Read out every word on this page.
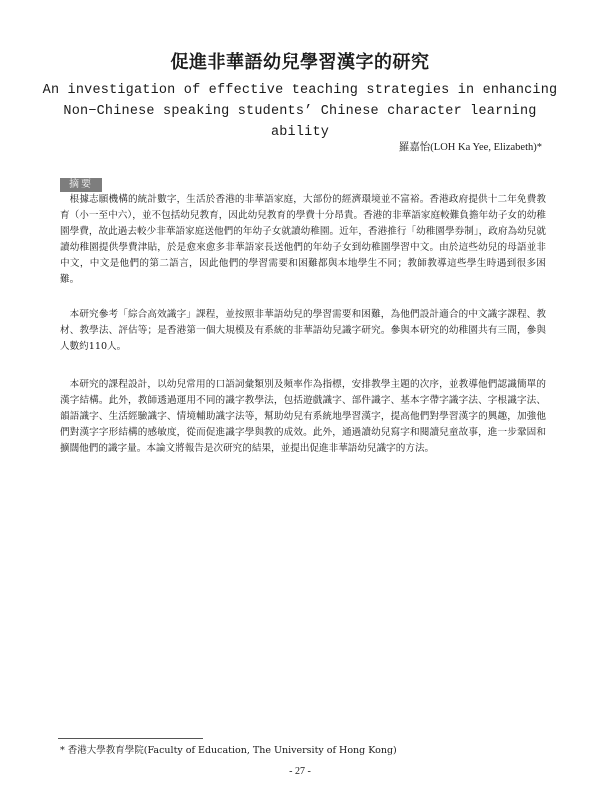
促進非華語幼兒學習漢字的研究
An investigation of effective teaching strategies in enhancing Non−Chinese speaking students’ Chinese character learning ability
羅嘉怡(LOH Ka Yee, Elizabeth)*
摘要

根據志願機構的統計數字，生活於香港的非華語家庭，大部份的經濟環境並不富裕。香港政府提供十二年免費教育（小一至中六），並不包括幼兒教育，因此幼兒教育的學費十分昂貴。香港的非華語家庭較難負擔年幼子女的幼稚園學費，故此過去較少非華語家庭送他們的年幼子女就讀幼稚園。近年，香港推行「幼稚園學券制」，政府為幼兒就讀幼稚園提供學費津貼，於是愈來愈多非華語家長送他們的年幼子女到幼稚園學習中文。由於這些幼兒的母語並非中文，中文是他們的第二語言，因此他們的學習需要和困難都與本地學生不同；教師教導這些學生時遇到很多困難。

本研究參考「綜合高效識字」課程，並按照非華語幼兒的學習需要和困難，為他們設計適合的中文識字課程、教材、教學法、評估等；是香港第一個大規模及有系統的非華語幼兒識字研究。參與本研究的幼稚園共有三間，參與人數約110人。

本研究的課程設計，以幼兒常用的口語詞彙類別及頻率作為指標，安排教學主題的次序，並教導他們認識簡單的漢字結構。此外，教師透過運用不同的識字教學法，包括遊戲識字、部件識字、基本字帶字識字法、字根識字法、韻語識字、生活經驗識字、情境輔助識字法等，幫助幼兒有系統地學習漢字，提高他們對學習漢字的興趣，加強他們對漢字字形結構的感敏度，從而促進識字學與教的成效。此外，通過讀幼兒寫字和閱讀兒童故事，進一步鞏固和擴闊他們的識字量。本論文將報告是次研究的結果，並提出促進非華語幼兒識字的方法。

* 香港大學教育學院(Faculty of Education, The University of Hong Kong)
- 27 -
